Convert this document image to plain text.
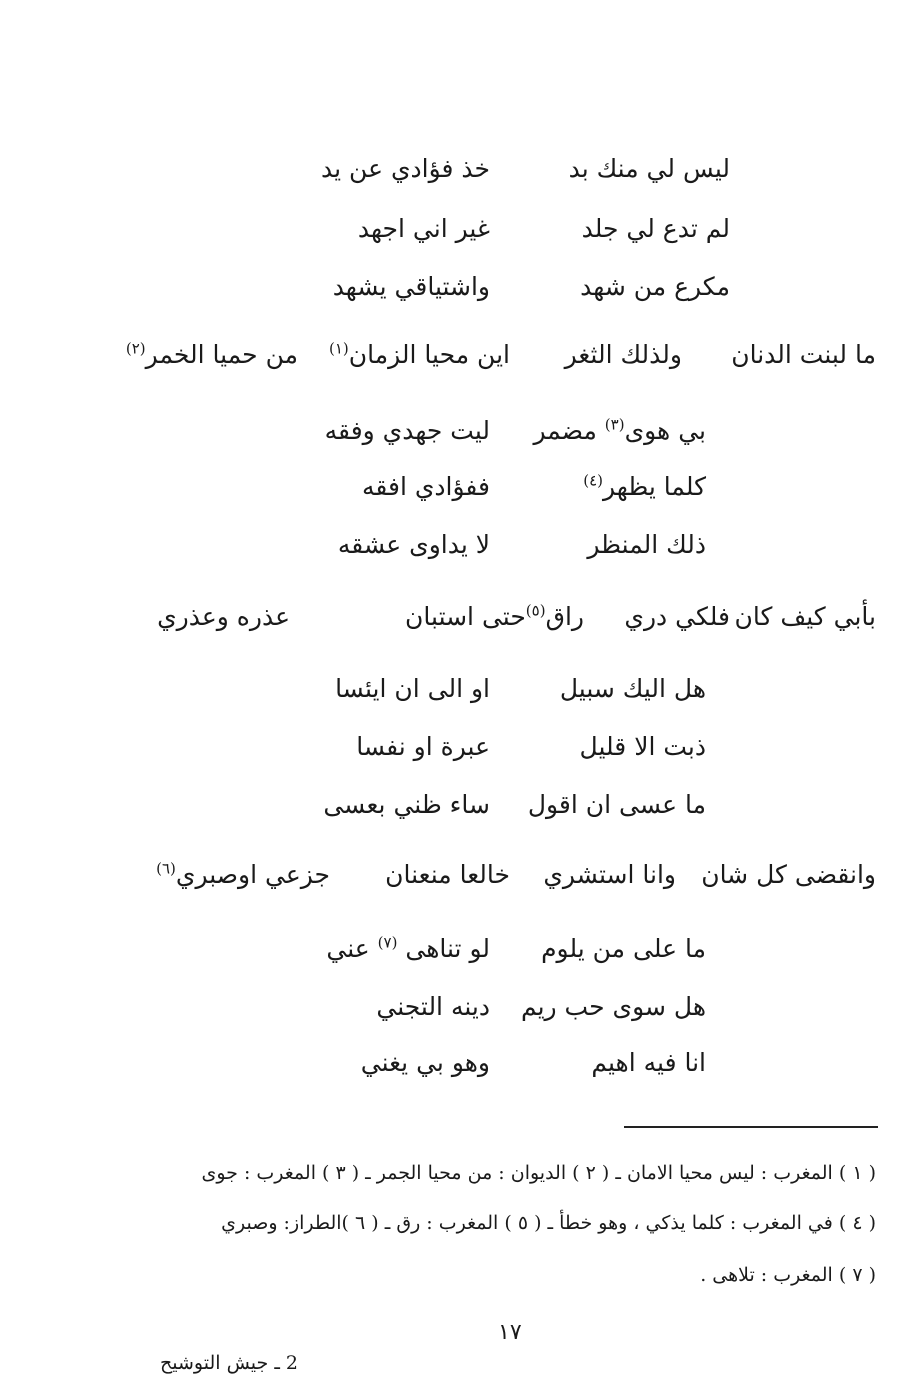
ليس لي منك بد
خذ فؤادي عن يد
لم تدع لي جلد
غير اني اجهد
مكرع من شهد
واشتياقي يشهد
ما لبنت الدنان
ولذلك الثغر
اين محيا الزمان$^{(١)}$
من حميا الخمر$^{(٢)}$
بي هوى$^{(٣)}$ مضمر
ليت جهدي وفقه
كلما يظهر$^{(٤)}$
ففؤادي افقه
ذلك المنظر
لا يداوى عشقه
بأبي كيف كان
فلكي دري
راق$^{(٥)}$حتى استبان
عذره وعذري
هل اليك سبيل
او الى ان ايئسا
ذبت الا قليل
عبرة او نفسا
ما عسى ان اقول
ساء ظني بعسى
وانقضى كل شان
وانا استشري
خالعا منعنان
جزعي اوصبري$^{(٦)}$
ما على من يلوم
لو تناهى $^{(٧)}$ عني
هل سوى حب ريم
دينه التجني
انا فيه اهيم
وهو بي يغني
( ١ ) المغرب : ليس محيا الامان ـ ( ٢ ) الديوان : من محيا الجمر ـ ( ٣ ) المغرب : جوى
( ٤ ) في المغرب : كلما يذكي ، وهو خطأ ـ ( ٥ ) المغرب : رق ـ ( ٦ )الطراز: وصبري
( ٧ ) المغرب : تلاهى .
١٧
2 ـ جيش التوشيح
